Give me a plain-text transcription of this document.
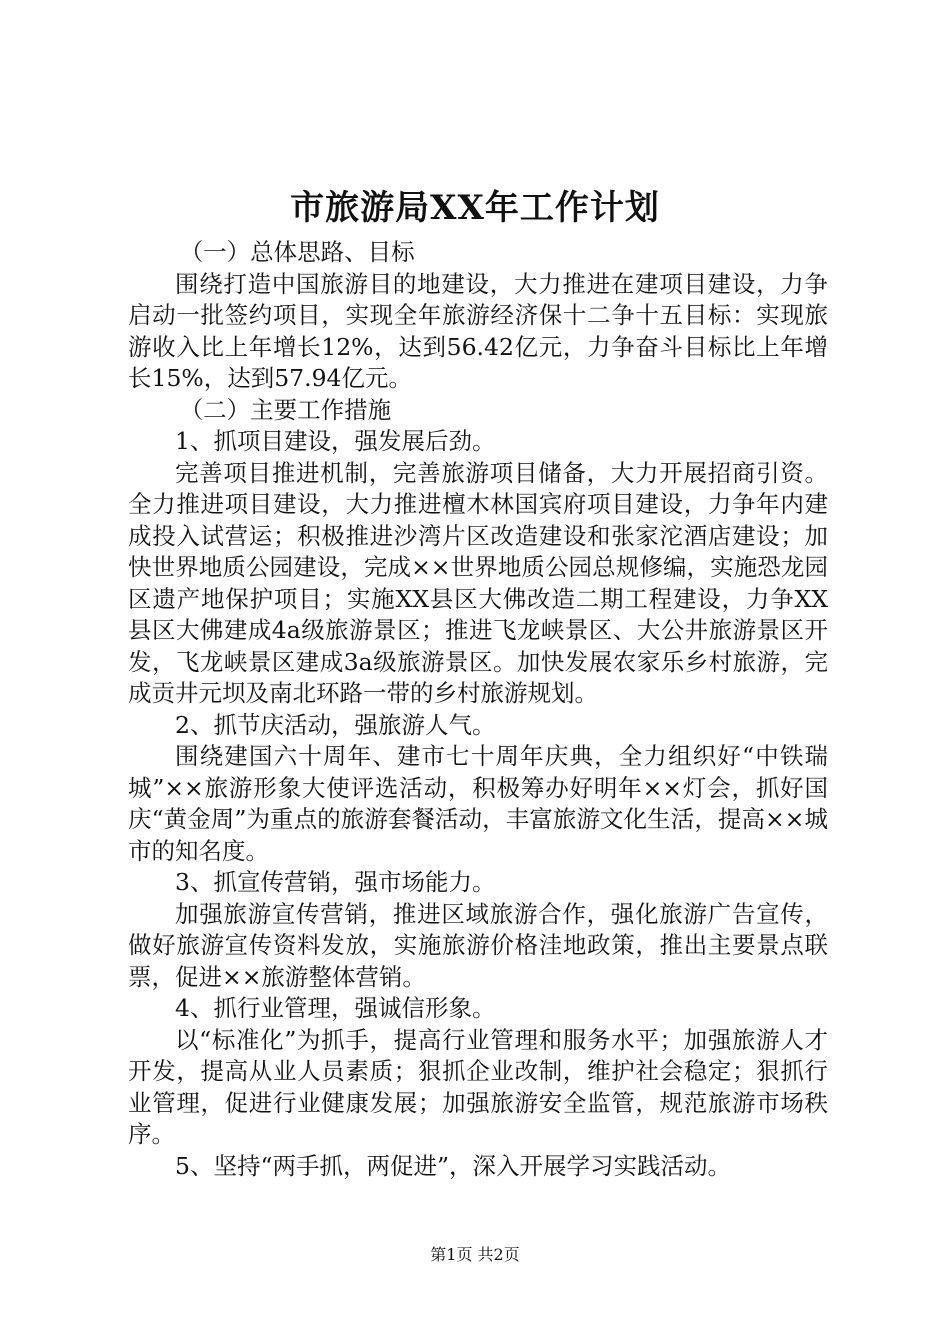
市旅游局XX年工作计划

（一）总体思路、目标

围绕打造中国旅游目的地建设，大力推进在建项目建设，力争启动一批签约项目，实现全年旅游经济保十二争十五目标：实现旅游收入比上年增长12%，达到56.42亿元，力争奋斗目标比上年增长15%，达到57.94亿元。

（二）主要工作措施

1、抓项目建设，强发展后劲。

完善项目推进机制，完善旅游项目储备，大力开展招商引资。全力推进项目建设，大力推进檀木林国宾府项目建设，力争年内建成投入试营运；积极推进沙湾片区改造建设和张家沱酒店建设；加快世界地质公园建设，完成××世界地质公园总规修编，实施恐龙园区遗产地保护项目；实施XX县区大佛改造二期工程建设，力争XX县区大佛建成4a级旅游景区；推进飞龙峡景区、大公井旅游景区开发，飞龙峡景区建成3a级旅游景区。加快发展农家乐乡村旅游，完成贡井元坝及南北环路一带的乡村旅游规划。

2、抓节庆活动，强旅游人气。

围绕建国六十周年、建市七十周年庆典，全力组织好“中铁瑞城”××旅游形象大使评选活动，积极筹办好明年××灯会，抓好国庆“黄金周”为重点的旅游套餐活动，丰富旅游文化生活，提高××城市的知名度。

3、抓宣传营销，强市场能力。

加强旅游宣传营销，推进区域旅游合作，强化旅游广告宣传，做好旅游宣传资料发放，实施旅游价格洼地政策，推出主要景点联票，促进××旅游整体营销。

4、抓行业管理，强诚信形象。

以“标准化”为抓手，提高行业管理和服务水平；加强旅游人才开发，提高从业人员素质；狠抓企业改制，维护社会稳定；狠抓行业管理，促进行业健康发展；加强旅游安全监管，规范旅游市场秩序。

5、坚持“两手抓，两促进”，深入开展学习实践活动。

第1页 共2页
